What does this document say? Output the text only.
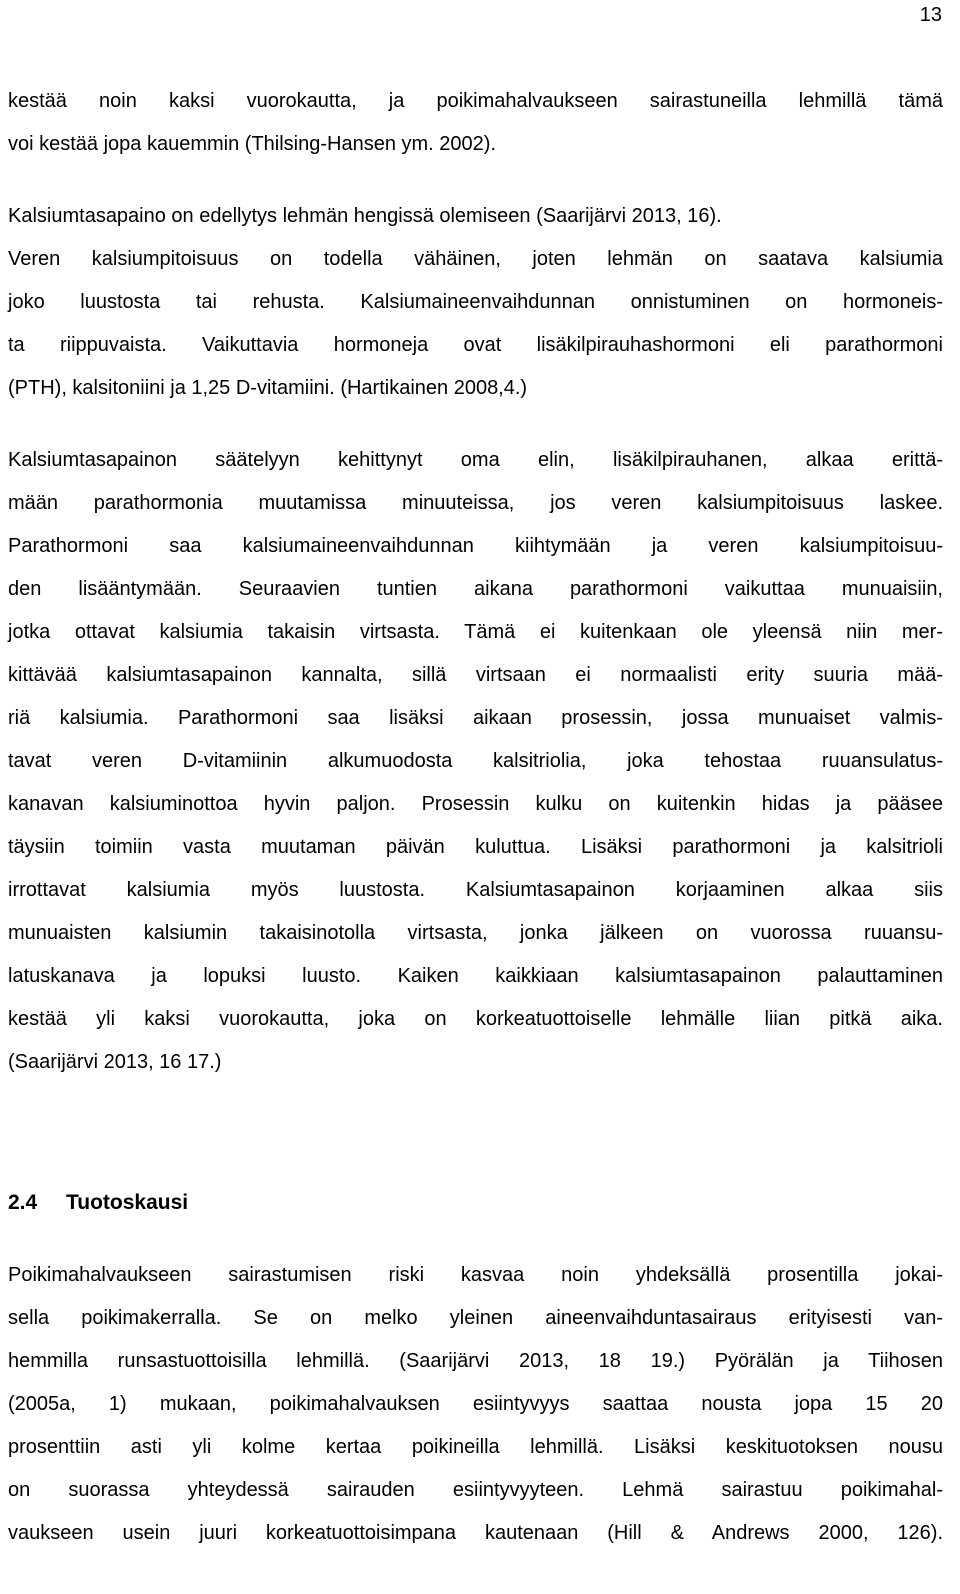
13
kestää noin kaksi vuorokautta, ja poikimahalvaukseen sairastuneilla lehmillä tämä
voi kestää jopa kauemmin (Thilsing-Hansen ym. 2002).
Kalsiumtasapaino on edellytys lehmän hengissä olemiseen (Saarijärvi 2013, 16).
Veren kalsiumpitoisuus on todella vähäinen, joten lehmän on saatava kalsiumia
joko luustosta tai rehusta. Kalsiumaineenvaihdunnan onnistuminen on hormoneis-
ta riippuvaista. Vaikuttavia hormoneja ovat lisäkilpirauhashormoni eli parathormoni
(PTH), kalsitoniini ja 1,25 D-vitamiini. (Hartikainen 2008,4.)
Kalsiumtasapainon säätelyyn kehittynyt oma elin, lisäkilpirauhanen, alkaa erittä-
mään parathormonia muutamissa minuuteissa, jos veren kalsiumpitoisuus laskee.
Parathormoni saa kalsiumaineenvaihdunnan kiihtymään ja veren kalsiumpitoisuu-
den lisääntymään. Seuraavien tuntien aikana parathormoni vaikuttaa munuaisiin,
jotka ottavat kalsiumia takaisin virtsasta. Tämä ei kuitenkaan ole yleensä niin mer-
kittävää kalsiumtasapainon kannalta, sillä virtsaan ei normaalisti erity suuria mää-
riä kalsiumia. Parathormoni saa lisäksi aikaan prosessin, jossa munuaiset valmis-
tavat veren D-vitamiinin alkumuodosta kalsitriolia, joka tehostaa ruuansulatus-
kanavan kalsiuminottoa hyvin paljon. Prosessin kulku on kuitenkin hidas ja pääsee
täysiin toimiin vasta muutaman päivän kuluttua. Lisäksi parathormoni ja kalsitrioli
irrottavat kalsiumia myös luustosta. Kalsiumtasapainon korjaaminen alkaa siis
munuaisten kalsiumin takaisinotolla virtsasta, jonka jälkeen on vuorossa ruuansu-
latuskanava ja lopuksi luusto. Kaiken kaikkiaan kalsiumtasapainon palauttaminen
kestää yli kaksi vuorokautta, joka on korkeatuottoiselle lehmälle liian pitkä aika.
(Saarijärvi 2013, 16 17.)
2.4 Tuotoskausi
Poikimahalvaukseen sairastumisen riski kasvaa noin yhdeksällä prosentilla jokai-
sella poikimakerralla. Se on melko yleinen aineenvaihduntasairaus erityisesti van-
hemmilla runsastuottoisilla lehmillä. (Saarijärvi 2013, 18 19.) Pyörälän ja Tiihosen
(2005a, 1) mukaan, poikimahalvauksen esiintyvyys saattaa nousta jopa 15 20
prosenttiin asti yli kolme kertaa poikineilla lehmillä. Lisäksi keskituotoksen nousu
on suorassa yhteydessä sairauden esiintyvyyteen. Lehmä sairastuu poikimahal-
vaukseen usein juuri korkeatuottoisimpana kautenaan (Hill & Andrews 2000, 126).
